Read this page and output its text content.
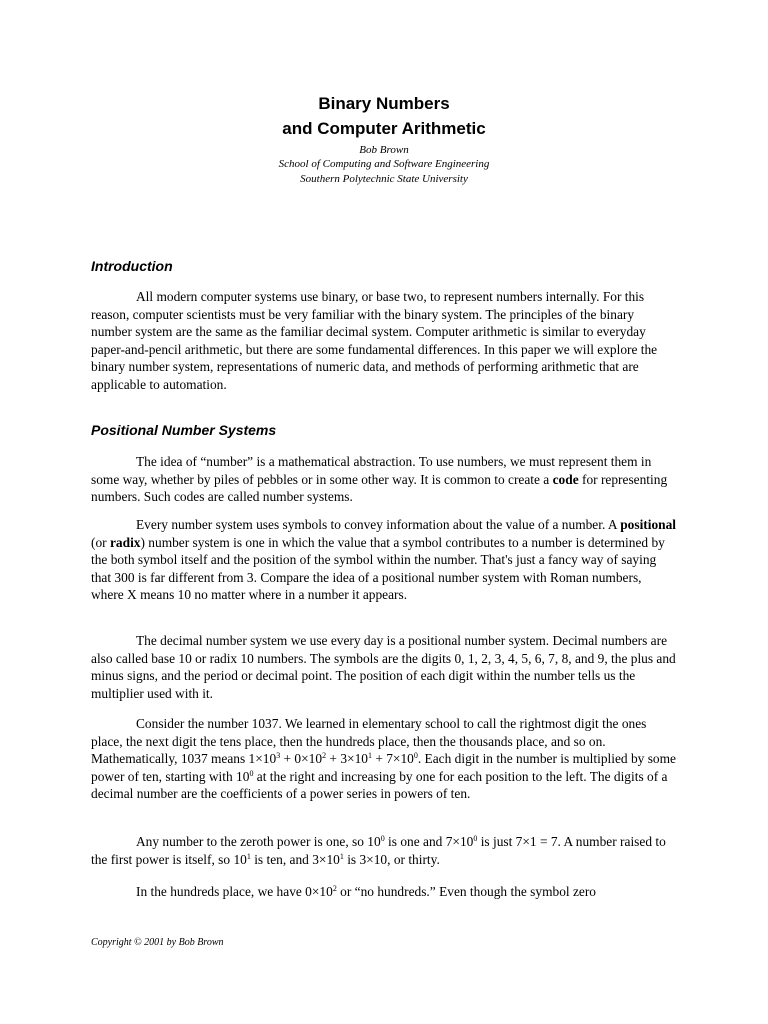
Binary Numbers
and Computer Arithmetic
Bob Brown
School of Computing and Software Engineering
Southern Polytechnic State University
Introduction

All modern computer systems use binary, or base two, to represent numbers internally. For this reason, computer scientists must be very familiar with the binary system. The principles of the binary number system are the same as the familiar decimal system. Computer arithmetic is similar to everyday paper-and-pencil arithmetic, but there are some fundamental differences. In this paper we will explore the binary number system, representations of numeric data, and methods of performing arithmetic that are applicable to automation.

Positional Number Systems

The idea of “number” is a mathematical abstraction. To use numbers, we must represent them in some way, whether by piles of pebbles or in some other way. It is common to create a code for representing numbers. Such codes are called number systems.

Every number system uses symbols to convey information about the value of a number. A positional (or radix) number system is one in which the value that a symbol contributes to a number is determined by the both symbol itself and the position of the symbol within the number. That's just a fancy way of saying that 300 is far different from 3. Compare the idea of a positional number system with Roman numbers, where X means 10 no matter where in a number it appears.

The decimal number system we use every day is a positional number system. Decimal numbers are also called base 10 or radix 10 numbers. The symbols are the digits 0, 1, 2, 3, 4, 5, 6, 7, 8, and 9, the plus and minus signs, and the period or decimal point. The position of each digit within the number tells us the multiplier used with it.

Consider the number 1037. We learned in elementary school to call the rightmost digit the ones place, the next digit the tens place, then the hundreds place, then the thousands place, and so on. Mathematically, 1037 means $1\times 10^3 + 0\times 10^2 + 3\times 10^1 + 7\times 10^0$. Each digit in the number is multiplied by some power of ten, starting with $10^0$ at the right and increasing by one for each position to the left. The digits of a decimal number are the coefficients of a power series in powers of ten.

Any number to the zeroth power is one, so $10^0$ is one and $7\times 10^0$ is just 7×1 = 7. A number raised to the first power is itself, so $10^1$ is ten, and $3\times 10^1$ is 3×10, or thirty.

In the hundreds place, we have $0\times 10^2$ or “no hundreds.” Even though the symbol zero

Copyright © 2001 by Bob Brown
